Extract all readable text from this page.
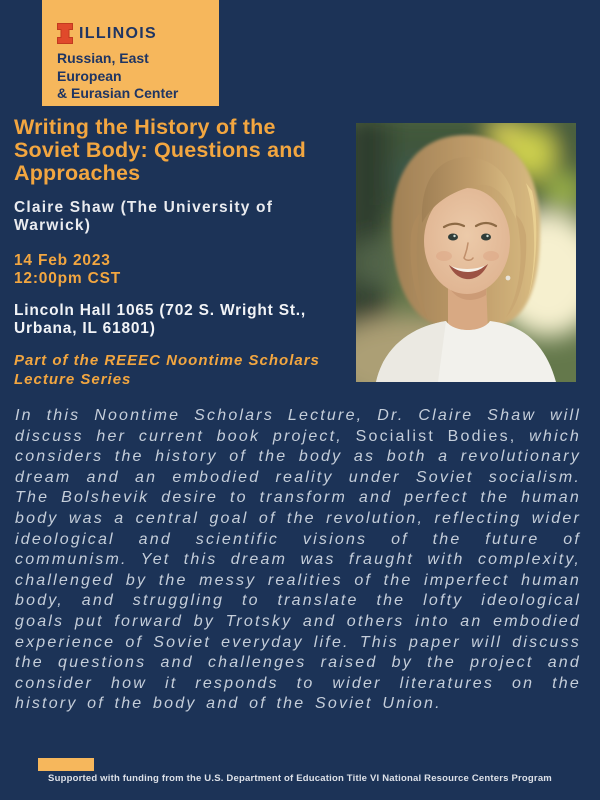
ILLINOIS
Russian, East European
& Eurasian Center
Writing the History of the
Soviet Body: Questions and
Approaches
Claire Shaw (The University of
Warwick)
14 Feb 2023
12:00pm CST
Lincoln Hall 1065 (702 S. Wright St.,
Urbana, IL 61801)
Part of the REEEC Noontime Scholars
Lecture Series

In this Noontime Scholars Lecture, Dr. Claire Shaw will discuss her current book project, Socialist Bodies, which considers the history of the body as both a revolutionary dream and an embodied reality under Soviet socialism. The Bolshevik desire to transform and perfect the human body was a central goal of the revolution, reflecting wider ideological and scientific visions of the future of communism. Yet this dream was fraught with complexity, challenged by the messy realities of the imperfect human body, and struggling to translate the lofty ideological goals put forward by Trotsky and others into an embodied experience of Soviet everyday life. This paper will discuss the questions and challenges raised by the project and consider how it responds to wider literatures on the history of the body and of the Soviet Union.

Supported with funding from the U.S. Department of Education Title VI National Resource Centers Program
